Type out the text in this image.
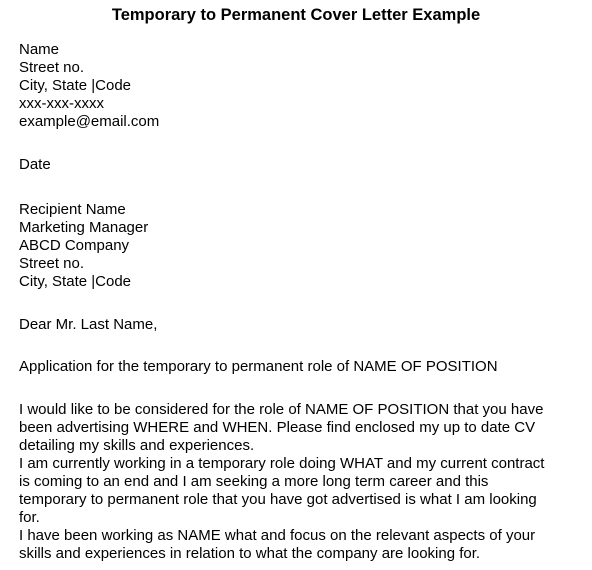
Temporary to Permanent Cover Letter Example
Name
Street no.
City, State |Code
xxx-xxx-xxxx
example@email.com
Date
Recipient Name
Marketing Manager
ABCD Company
Street no.
City, State |Code
Dear Mr. Last Name,
Application for the temporary to permanent role of NAME OF POSITION
I would like to be considered for the role of NAME OF POSITION that you have
been advertising WHERE and WHEN. Please find enclosed my up to date CV
detailing my skills and experiences.
I am currently working in a temporary role doing WHAT and my current contract
is coming to an end and I am seeking a more long term career and this
temporary to permanent role that you have got advertised is what I am looking
for.
I have been working as NAME what and focus on the relevant aspects of your
skills and experiences in relation to what the company are looking for.
